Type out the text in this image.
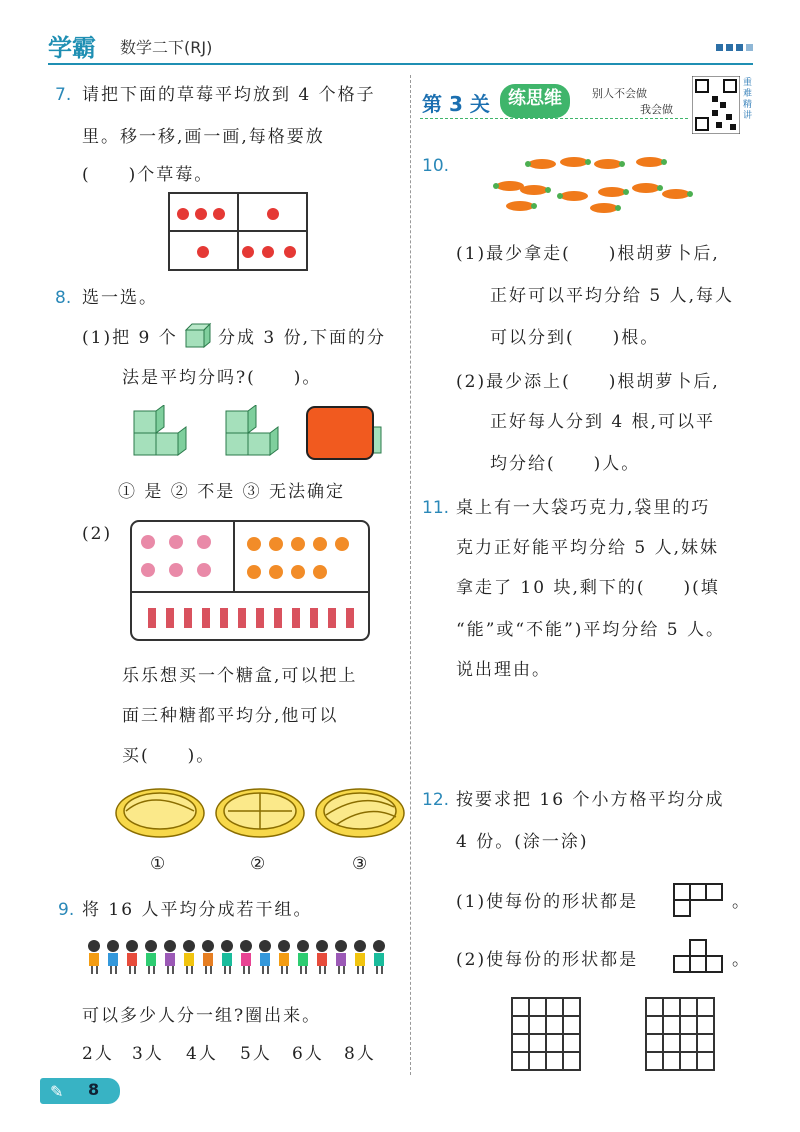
学霸 数学二下(RJ)
7. 请把下面的草莓平均放到 4 个格子
里。移一移,画一画,每格要放
(　　)个草莓。
8. 选一选。
(1)把 9 个 分成 3 份,下面的分
法是平均分吗?(　　)。
① 是 ② 不是 ③ 无法确定
(2)
乐乐想买一个糖盒,可以把上
面三种糖都平均分,他可以
买(　　)。
①	②	③
9. 将 16 人平均分成若干组。
可以多少人分一组?圈出来。
2人 3人 4人 5人 6人 8人
第 3 关	练思维	别人不会做
我会做
重难精讲
10.
(1)最少拿走(　　)根胡萝卜后,
正好可以平均分给 5 人,每人
可以分到(　　)根。
(2)最少添上(　　)根胡萝卜后,
正好每人分到 4 根,可以平
均分给(　　)人。
11. 桌上有一大袋巧克力,袋里的巧
克力正好能平均分给 5 人,妹妹
拿走了 10 块,剩下的(　　)(填
“能”或“不能”)平均分给 5 人。
说出理由。
12. 按要求把 16 个小方格平均分成
4 份。(涂一涂)
(1)使每份的形状都是	。
(2)使每份的形状都是	。
✎ 8
